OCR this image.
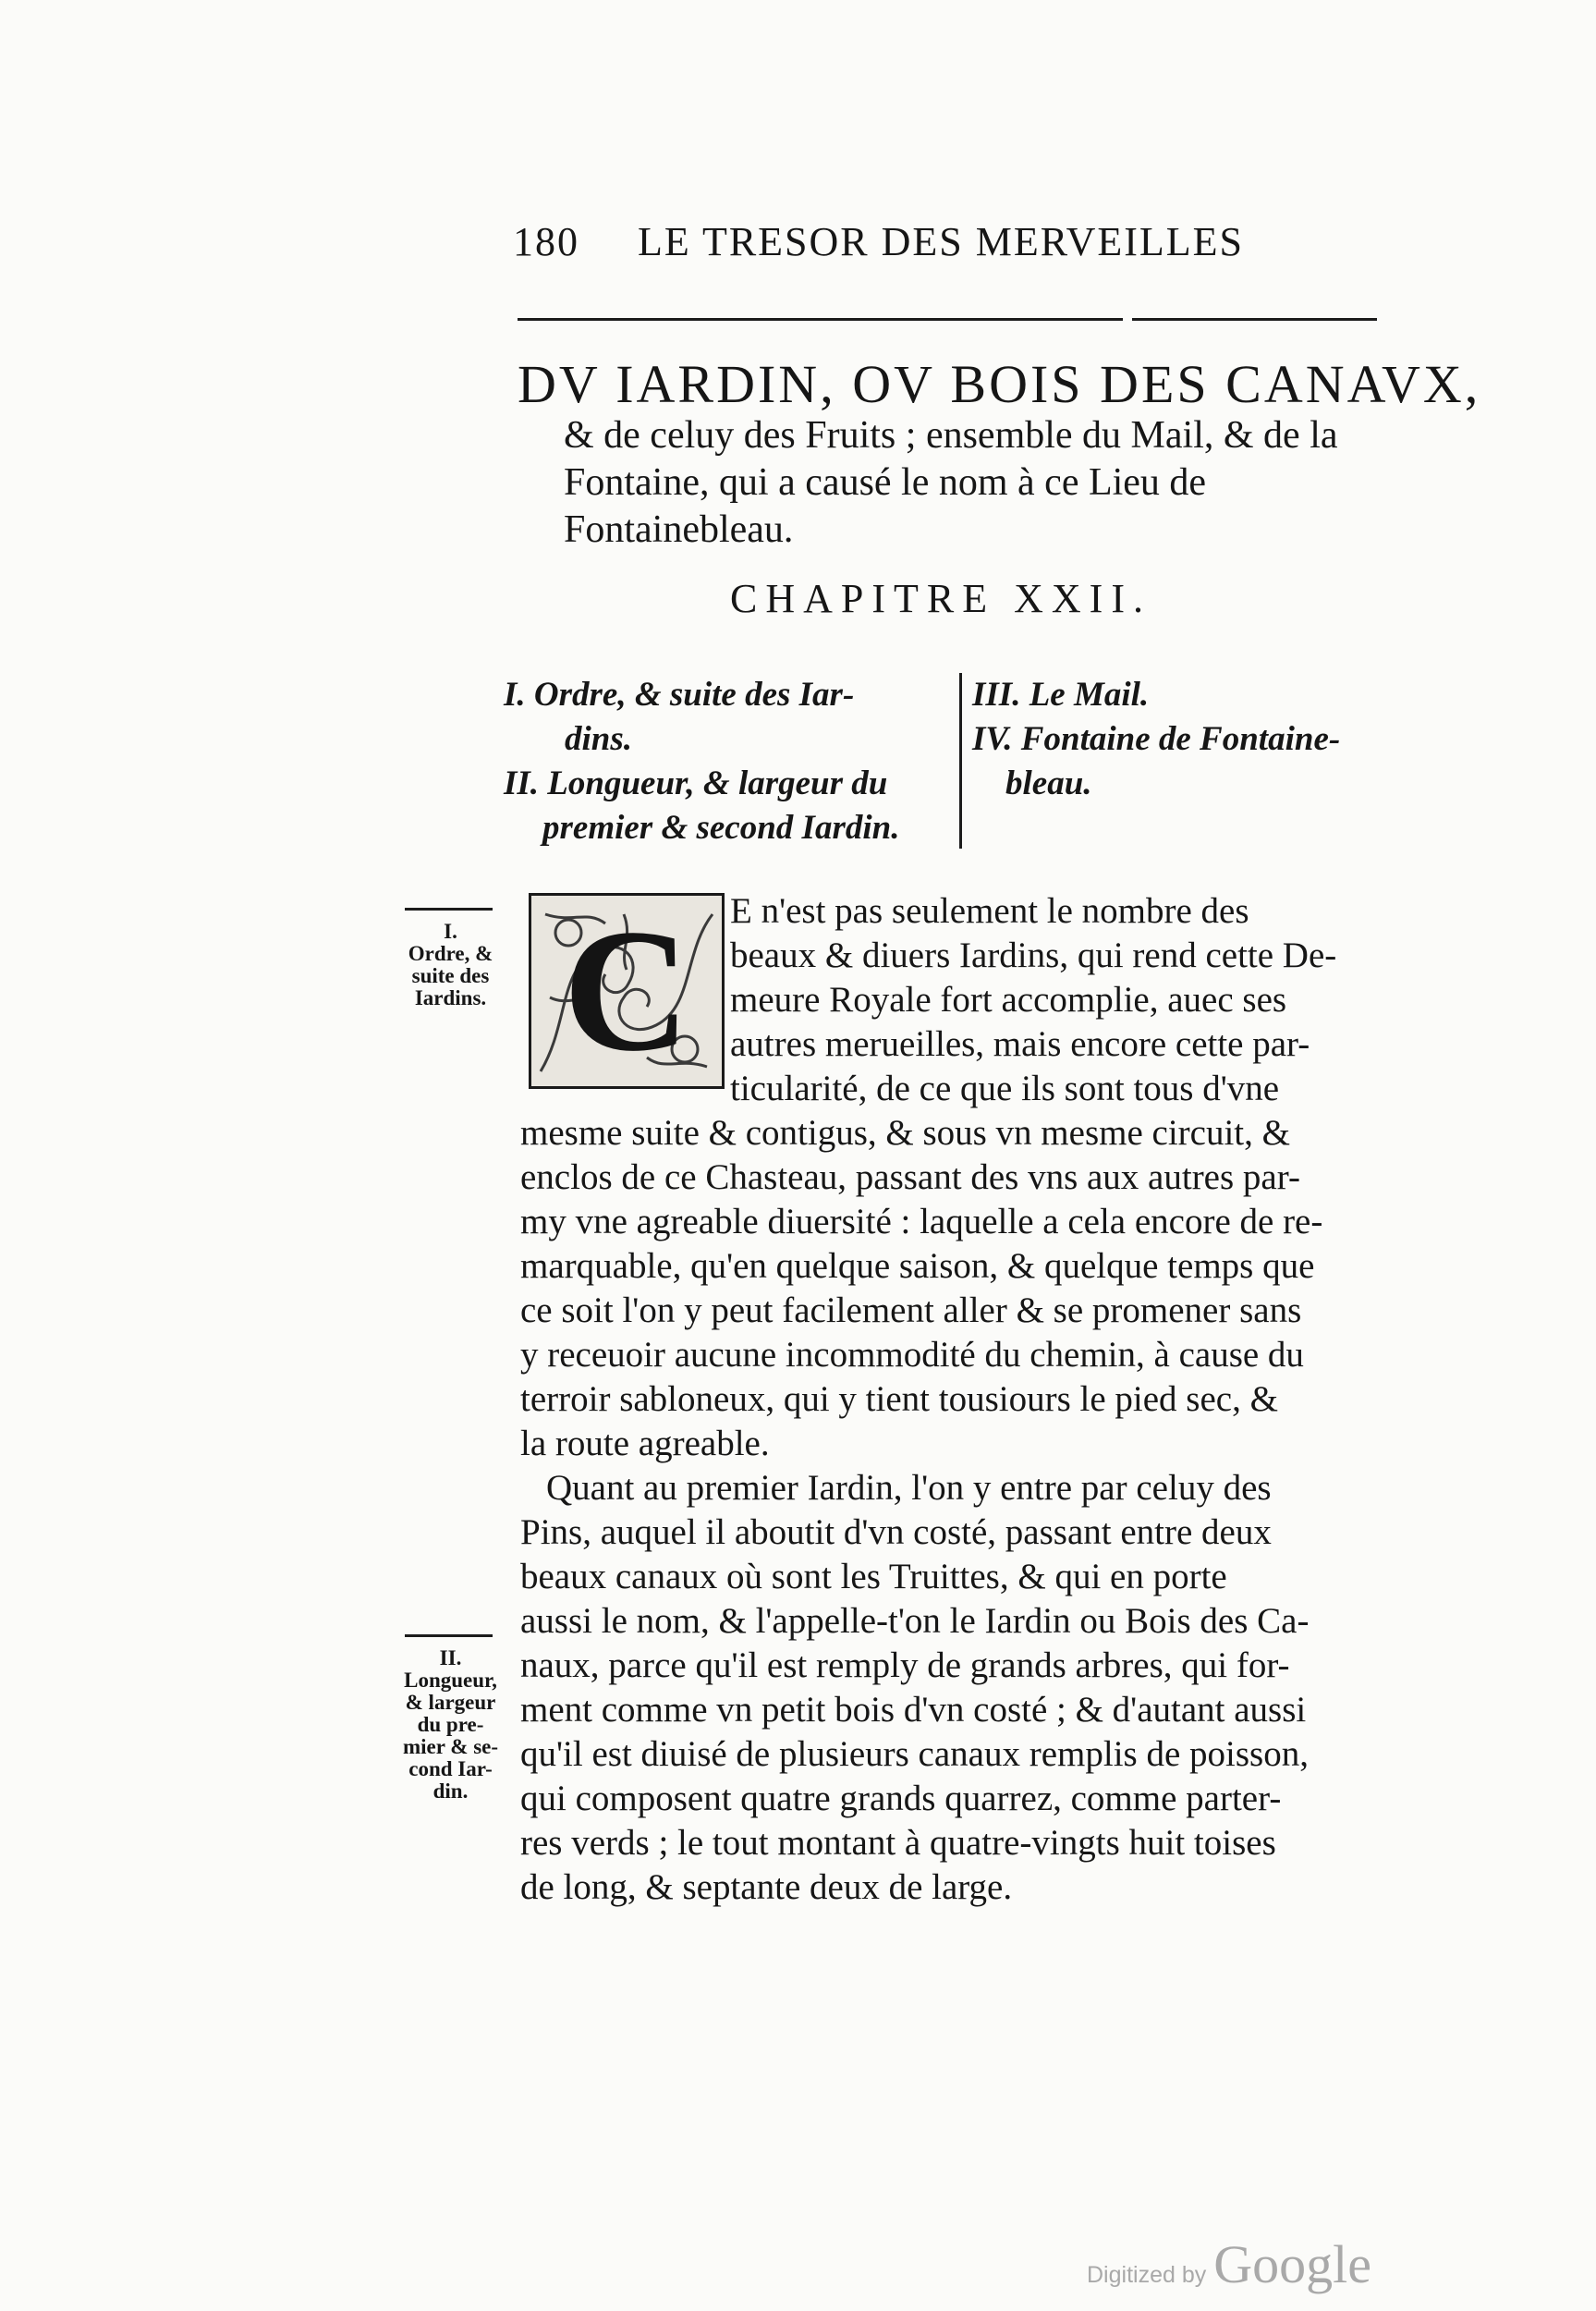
180 LE TRESOR DES MERVEILLES
DV IARDIN, OV BOIS DES CANAVX,
& de celuy des Fruits ; ensemble du Mail, & de la Fontaine, qui a causé le nom à ce Lieu de Fontainebleau.
CHAPITRE XXII.
I. Ordre, & suite des Iar-
dins.
II. Longueur, & largeur du
premier & second Iardin.
III. Le Mail.
IV. Fontaine de Fontaine-
bleau.
I.
Ordre, &
suite des
Iardins.
II.
Longueur,
& largeur
du pre-
mier & se-
cond Iar-
din.
C	E n'est pas seulement le nombre des
beaux & diuers Iardins, qui rend cette De-
meure Royale fort accomplie, auec ses
autres merueilles, mais encore cette par-
ticularité, de ce que ils sont tous d'vne
mesme suite & contigus, & sous vn mesme circuit, &
enclos de ce Chasteau, passant des vns aux autres par-
my vne agreable diuersité : laquelle a cela encore de re-
marquable, qu'en quelque saison, & quelque temps que
ce soit l'on y peut facilement aller & se promener sans
y receuoir aucune incommodité du chemin, à cause du
terroir sabloneux, qui y tient tousiours le pied sec, &
la route agreable.
Quant au premier Iardin, l'on y entre par celuy des
Pins, auquel il aboutit d'vn costé, passant entre deux
beaux canaux où sont les Truittes, & qui en porte
aussi le nom, & l'appelle-t'on le Iardin ou Bois des Ca-
naux, parce qu'il est remply de grands arbres, qui for-
ment comme vn petit bois d'vn costé ; & d'autant aussi
qu'il est diuisé de plusieurs canaux remplis de poisson,
qui composent quatre grands quarrez, comme parter-
res verds ; le tout montant à quatre-vingts huit toises
de long, & septante deux de large.
Digitized by Google
